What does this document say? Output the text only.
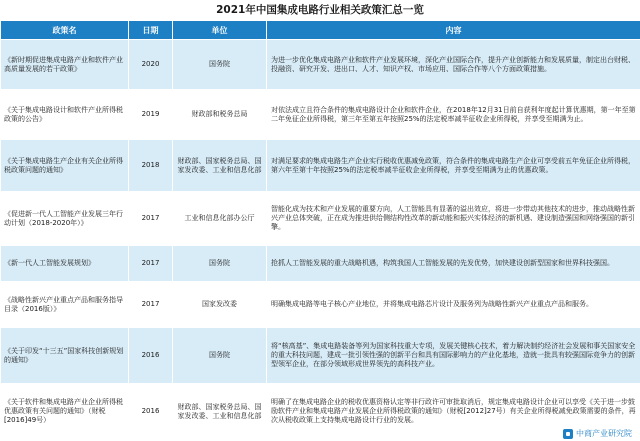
2021年中国集成电路行业相关政策汇总一览
政策名	日期	单位	内容
《新时期促进集成电路产业和软件产业高质量发展的若干政策》	2020	国务院	为进一步优化集成电路产业和软件产业发展环境，深化产业国际合作，提升产业创新能力和发展质量，制定出台财税、投融资、研究开发、进出口、人才、知识产权、市场应用、国际合作等八个方面政策措施。
《关于集成电路设计和软件产业所得税政策的公告》	2019	财政部和税务总局	对依法成立且符合条件的集成电路设计企业和软件企业，在2018年12月31日前自获利年度起计算优惠期，第一年至第二年免征企业所得税，第三年至第五年按照25%的法定税率减半征收企业所得税，并享受至期满为止。
《关于集成电路生产企业有关企业所得税政策问题的通知》	2018	财政部、国家税务总局、国家发改委、工业和信息化部	对满足要求的集成电路生产企业实行税收优惠减免政策，符合条件的集成电路生产企业可享受前五年免征企业所得税，第六年至第十年按照25%的法定税率减半征收企业所得税，并享受至期满为止的优惠政策。
《促进新一代人工智能产业发展三年行动计划（2018-2020年）》	2017	工业和信息化部办公厅	智能化成为技术和产业发展的重要方向，人工智能具有显著的溢出效应，将进一步带动其他技术的进步，推动战略性新兴产业总体突破，正在成为推进供给侧结构性改革的新动能和振兴实体经济的新机遇、建设制造强国和网络强国的新引擎。
《新一代人工智能发展规划》	2017	国务院	抢抓人工智能发展的重大战略机遇，构筑我国人工智能发展的先发优势，加快建设创新型国家和世界科技强国。
《战略性新兴产业重点产品和服务指导目录（2016版）》	2017	国家发改委	明确集成电路等电子核心产业地位，并将集成电路芯片设计及服务列为战略性新兴产业重点产品和服务。
《关于印发“十三五”国家科技创新规划的通知》	2016	国务院	将“核高基”、集成电路装备等列为国家科技重大专项，发展关键核心技术，着力解决制约经济社会发展和事关国家安全的重大科技问题，建成一批引领性强的创新平台和具有国际影响力的产业化基地，造就一批具有较强国际竞争力的创新型领军企业，在部分领域形成世界领先的高科技产业。
《关于软件和集成电路产业企业所得税优惠政策有关问题的通知》（财税[2016]49号）	2016	财政部、国家税务总局、国家发改委、工业和信息化部	明确了在集成电路企业的税收优惠资格认定等非行政许可审批取消后，规定集成电路设计企业可以享受《关于进一步鼓励软件产业和集成电路产业发展企业所得税政策的通知》（财税[2012]27号）有关企业所得税减免政策需要的条件，再次从税收政策上支持集成电路设计行业的发展。
中商产业研究院
